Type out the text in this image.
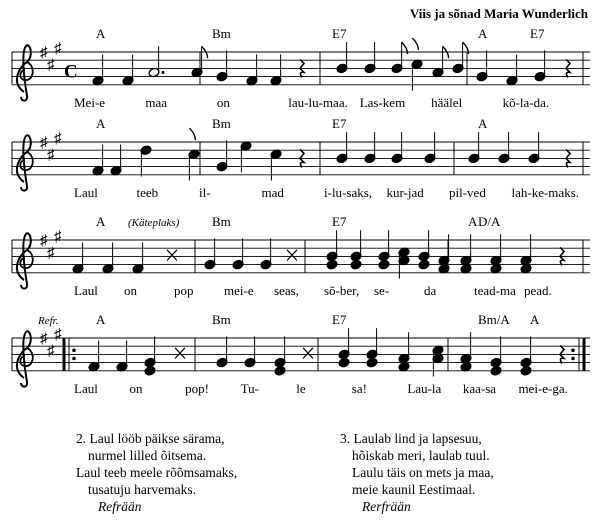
Viis ja sõnad Maria Wunderlich
♯
♯
♯
C
A	Bm	E7	A	E7
Mei-e	maa	on	lau-lu-maa. Las-kem häälel	kõ-la-da.
♯
♯
♯
A	Bm	E7	A
Laul	teeb	il-	mad	i-lu-saks, kur-jad pil-ved lah-ke-maks.
♯
♯
♯
A	Bm	E7	D/A
A
(Käteplaks)
Laul on	pop mei-e seas, sõ-ber, se-	da	tead-ma pead.
♯
♯
♯
Refr.	A	Bm	E7	Bm/A A
Laul on	pop! Tu-	le	sa!	Lau-la kaa-sa mei-e-ga.
2. Laul lööb päikse särama,
nurmel lilled õitsema.
Laul teeb meele rõõmsamaks,
tusatuju harvemaks.
Refrään
3. Laulab lind ja lapsesuu,
hõiskab meri, laulab tuul.
Laulu täis on mets ja maa,
meie kaunil Eestimaal.
Rerfrään
